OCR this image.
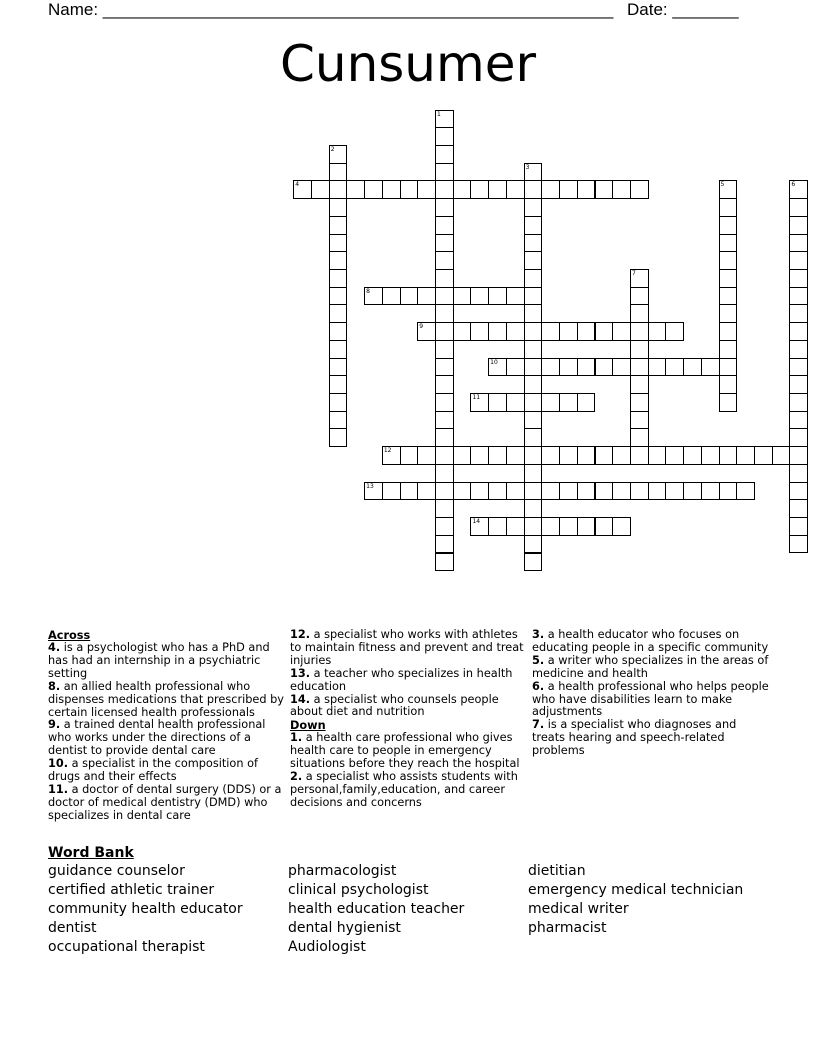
Name: ______________________________________________________ Date: _______
Cunsumer
1
2
3
4	5	6
7
8
9
10
11
12
13
14
Across
4. is a psychologist who has a PhD and has had an internship in a psychiatric setting
8. an allied health professional who dispenses medications that prescribed by certain licensed health professionals
9. a trained dental health professional who works under the directions of a dentist to provide dental care
10. a specialist in the composition of drugs and their effects
11. a doctor of dental surgery (DDS) or a doctor of medical dentistry (DMD) who specializes in dental care
12. a specialist who works with athletes to maintain fitness and prevent and treat injuries
13. a teacher who specializes in health education
14. a specialist who counsels people about diet and nutrition
Down
1. a health care professional who gives health care to people in emergency situations before they reach the hospital
2. a specialist who assists students with personal,family,education, and career decisions and concerns
3. a health educator who focuses on educating people in a specific community
5. a writer who specializes in the areas of medicine and health
6. a health professional who helps people who have disabilities learn to make adjustments
7. is a specialist who diagnoses and treats hearing and speech-related problems
Word Bank
guidance counselor
certified athletic trainer
community health educator
dentist
occupational therapist
pharmacologist
clinical psychologist
health education teacher
dental hygienist
Audiologist
dietitian
emergency medical technician
medical writer
pharmacist
